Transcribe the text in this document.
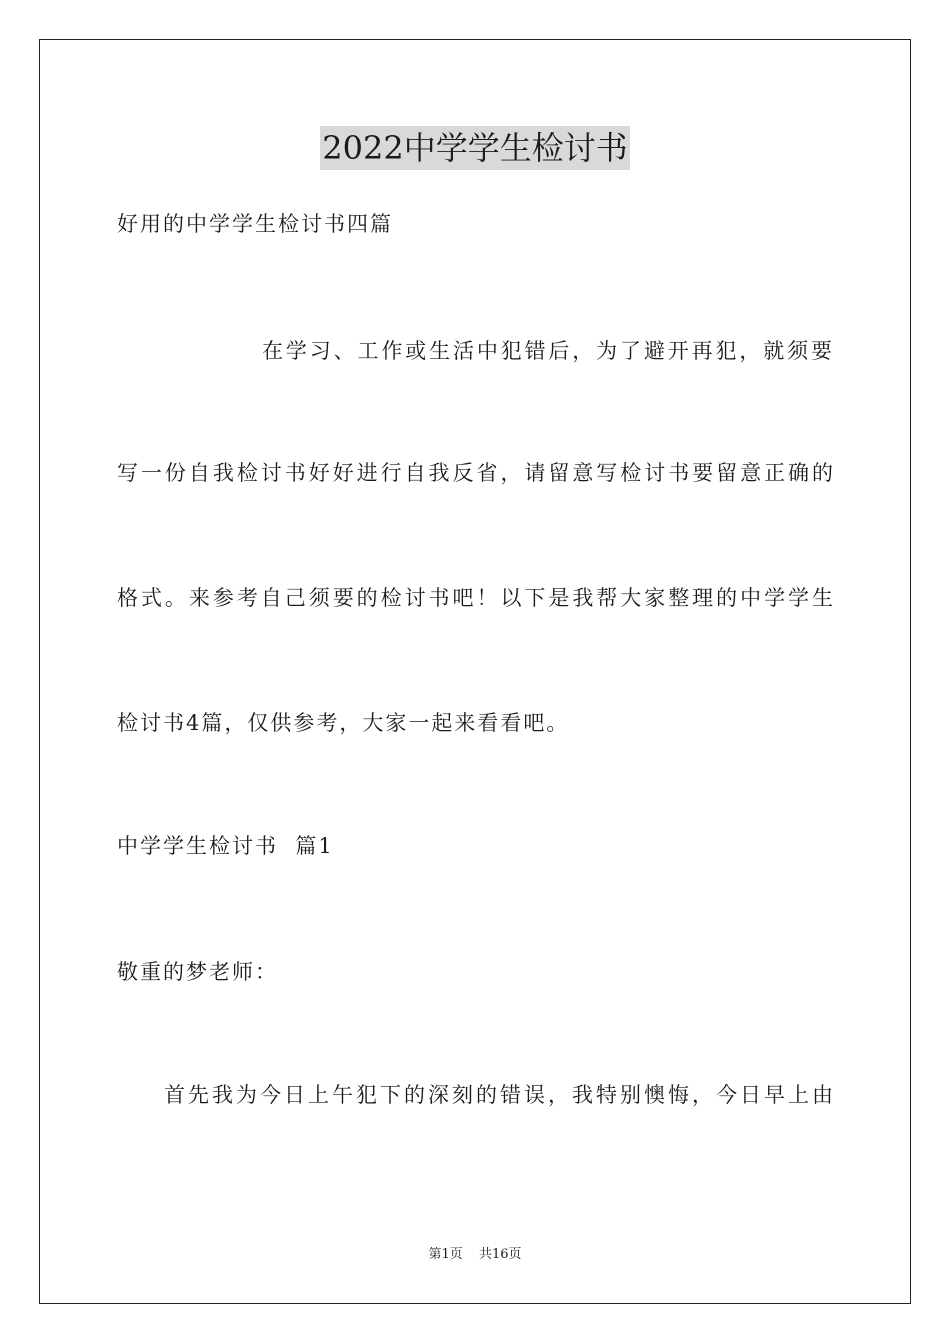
2022中学学生检讨书
好用的中学学生检讨书四篇
在学习、工作或生活中犯错后，为了避开再犯，就须要
写一份自我检讨书好好进行自我反省，请留意写检讨书要留意正确的
格式。来参考自己须要的检讨书吧！以下是我帮大家整理的中学学生
检讨书4篇，仅供参考，大家一起来看看吧。
中学学生检讨书  篇1
敬重的梦老师：
首先我为今日上午犯下的深刻的错误，我特别懊悔，今日早上由
第1页 共16页
